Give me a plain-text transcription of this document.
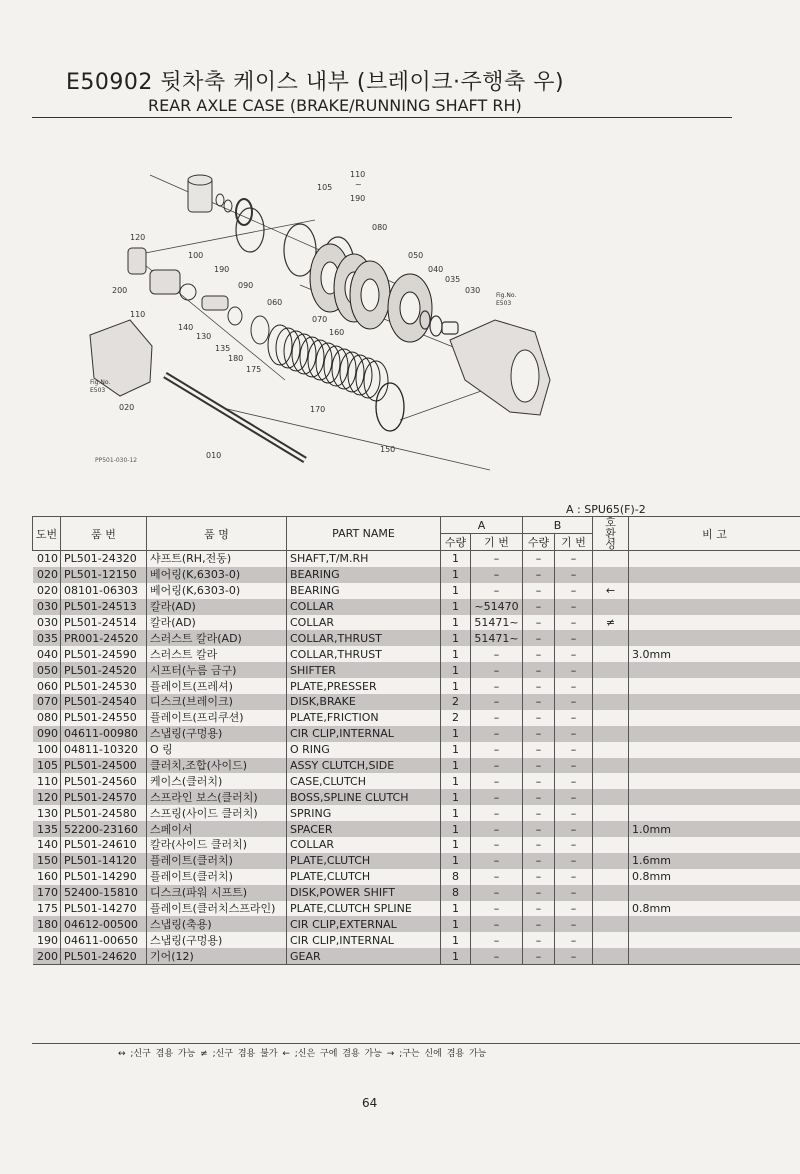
E50902 뒷차축 케이스 내부 (브레이크·주행축 우)
REAR AXLE CASE (BRAKE/RUNNING SHAFT RH)
105
110
~
190
120
100
190
090
080
050
040
035
030
060
070
160
200
110
140
130
135
180
175
170
150
020
010
Fig.No.
E503
Fig.No.
E503
PP501-030-12
A : SPU65(F)-2
도번	품 번	품 명	PART NAME	A		B		호
환
성	비 고
				수량	기 번	수량	기 번		
010	PL501-24320	샤프트(RH,전동)	SHAFT,T/M.RH	1	–	–	–		
020	PL501-12150	베어링(K,6303-0)	BEARING	1	–	–	–		
020	08101-06303	베어링(K,6303-0)	BEARING	1	–	–	–	←	
030	PL501-24513	칼라(AD)	COLLAR	1	~51470	–	–		
030	PL501-24514	칼라(AD)	COLLAR	1	51471~	–	–	≠	
035	PR001-24520	스러스트 칼라(AD)	COLLAR,THRUST	1	51471~	–	–		
040	PL501-24590	스러스트 칼라	COLLAR,THRUST	1	–	–	–		3.0mm
050	PL501-24520	시프터(누름 금구)	SHIFTER	1	–	–	–		
060	PL501-24530	플레이트(프레셔)	PLATE,PRESSER	1	–	–	–		
070	PL501-24540	디스크(브레이크)	DISK,BRAKE	2	–	–	–		
080	PL501-24550	플레이트(프리쿠션)	PLATE,FRICTION	2	–	–	–		
090	04611-00980	스냅링(구멍용)	CIR CLIP,INTERNAL	1	–	–	–		
100	04811-10320	O 링	O RING	1	–	–	–		
105	PL501-24500	클러치,조합(사이드)	ASSY CLUTCH,SIDE	1	–	–	–		
110	PL501-24560	케이스(클러치)	CASE,CLUTCH	1	–	–	–		
120	PL501-24570	스프라인 보스(클러치)	BOSS,SPLINE CLUTCH	1	–	–	–		
130	PL501-24580	스프링(사이드 클러치)	SPRING	1	–	–	–		
135	52200-23160	스페이서	SPACER	1	–	–	–		1.0mm
140	PL501-24610	칼라(사이드 클러치)	COLLAR	1	–	–	–		
150	PL501-14120	플레이트(클러치)	PLATE,CLUTCH	1	–	–	–		1.6mm
160	PL501-14290	플레이트(클러치)	PLATE,CLUTCH	8	–	–	–		0.8mm
170	52400-15810	디스크(파워 시프트)	DISK,POWER SHIFT	8	–	–	–		
175	PL501-14270	플레이트(클러치스프라인)	PLATE,CLUTCH SPLINE	1	–	–	–		0.8mm
180	04612-00500	스냅링(축용)	CIR CLIP,EXTERNAL	1	–	–	–		
190	04611-00650	스냅링(구멍용)	CIR CLIP,INTERNAL	1	–	–	–		
200	PL501-24620	기어(12)	GEAR	1	–	–	–		
↔ ;신구 겸용 가능 ≠ ;신구 겸용 불가 ← ;신은 구에 겸용 가능 → ;구는 신에 겸용 가능
64
